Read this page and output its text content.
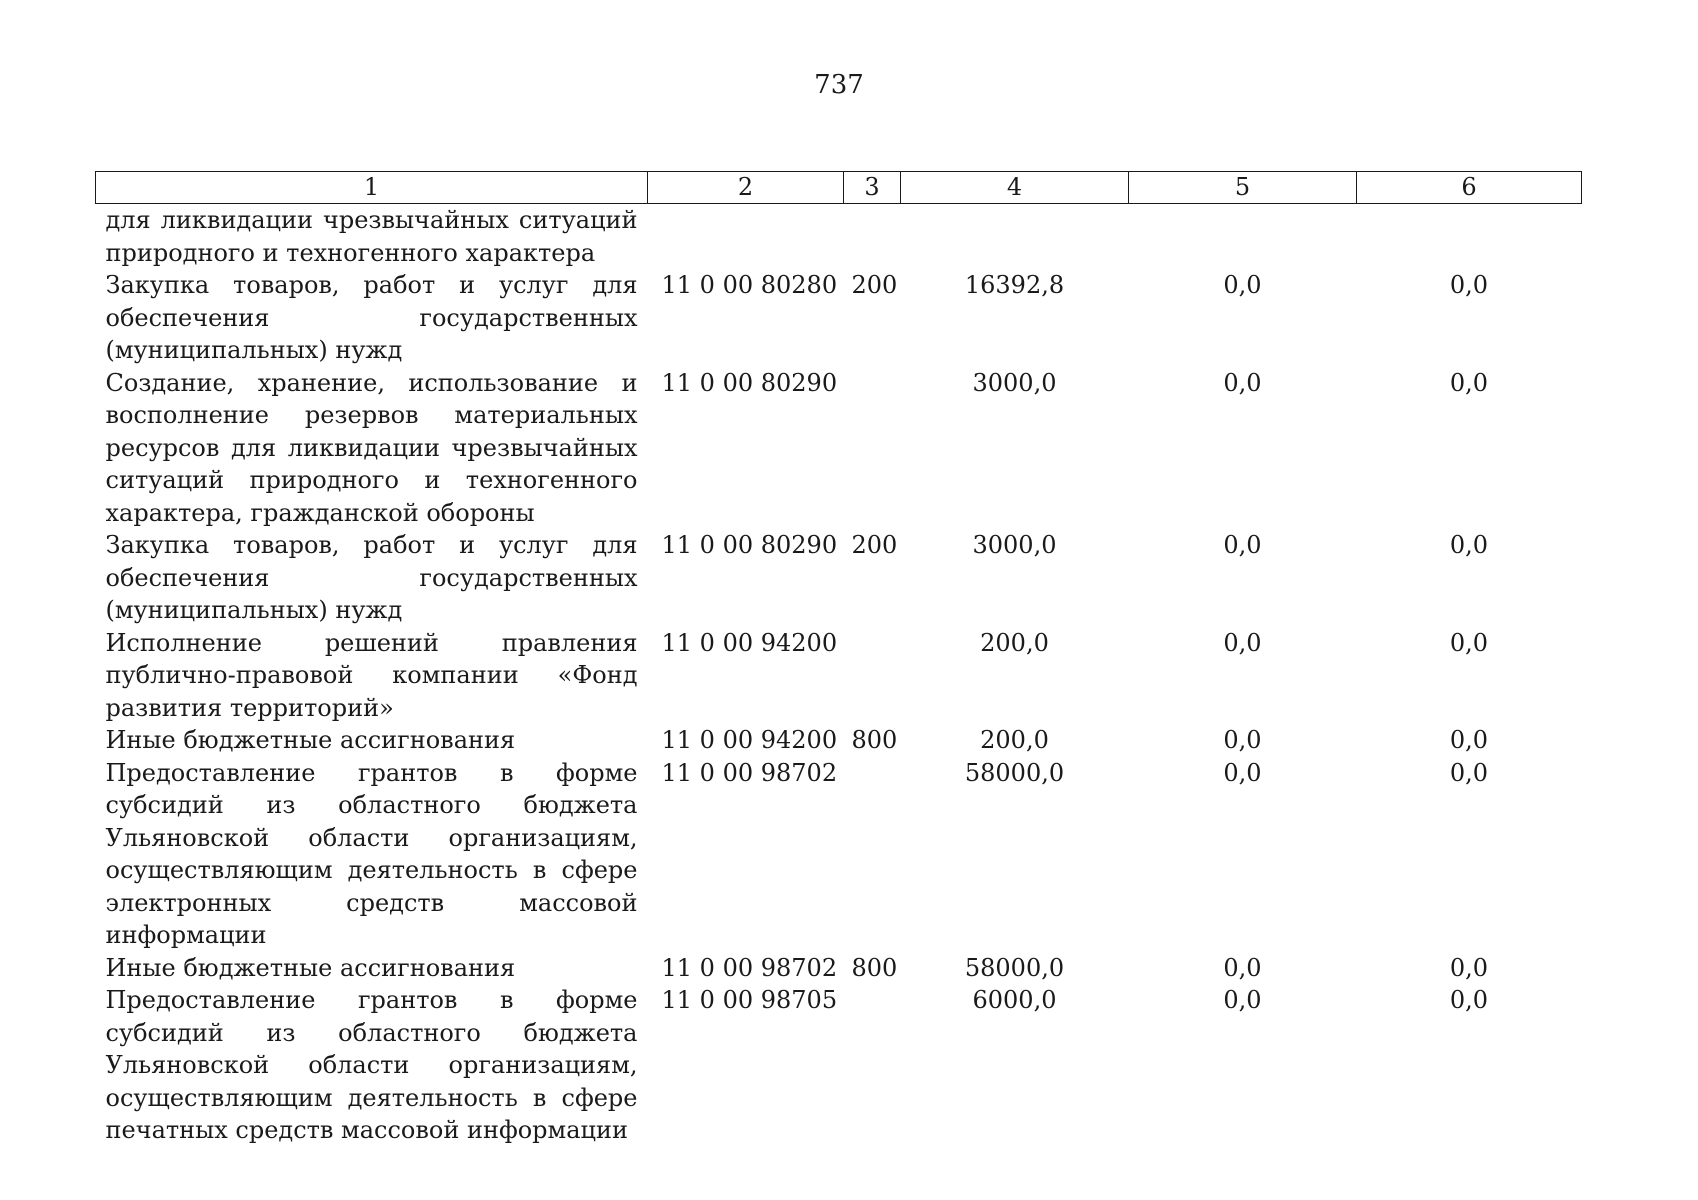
737
1	2	3	4	5	6
для ликвидации чрезвычайных ситуаций природного и техногенного характера					
Закупка товаров, работ и услуг для обеспечения государственных (муниципальных) нужд	11 0 00 80280	200	16392,8	0,0	0,0
Создание, хранение, использование и восполнение резервов материальных ресурсов для ликвидации чрезвычайных ситуаций природного и техногенного характера, гражданской обороны	11 0 00 80290		3000,0	0,0	0,0
Закупка товаров, работ и услуг для обеспечения государственных (муниципальных) нужд	11 0 00 80290	200	3000,0	0,0	0,0
Исполнение решений правления публично-правовой компании «Фонд развития территорий»	11 0 00 94200		200,0	0,0	0,0
Иные бюджетные ассигнования	11 0 00 94200	800	200,0	0,0	0,0
Предоставление грантов в форме субсидий из областного бюджета Ульяновской области организациям, осуществляющим деятельность в сфере электронных средств массовой информации	11 0 00 98702		58000,0	0,0	0,0
Иные бюджетные ассигнования	11 0 00 98702	800	58000,0	0,0	0,0
Предоставление грантов в форме субсидий из областного бюджета Ульяновской области организациям, осуществляющим деятельность в сфере печатных средств массовой информации	11 0 00 98705		6000,0	0,0	0,0
